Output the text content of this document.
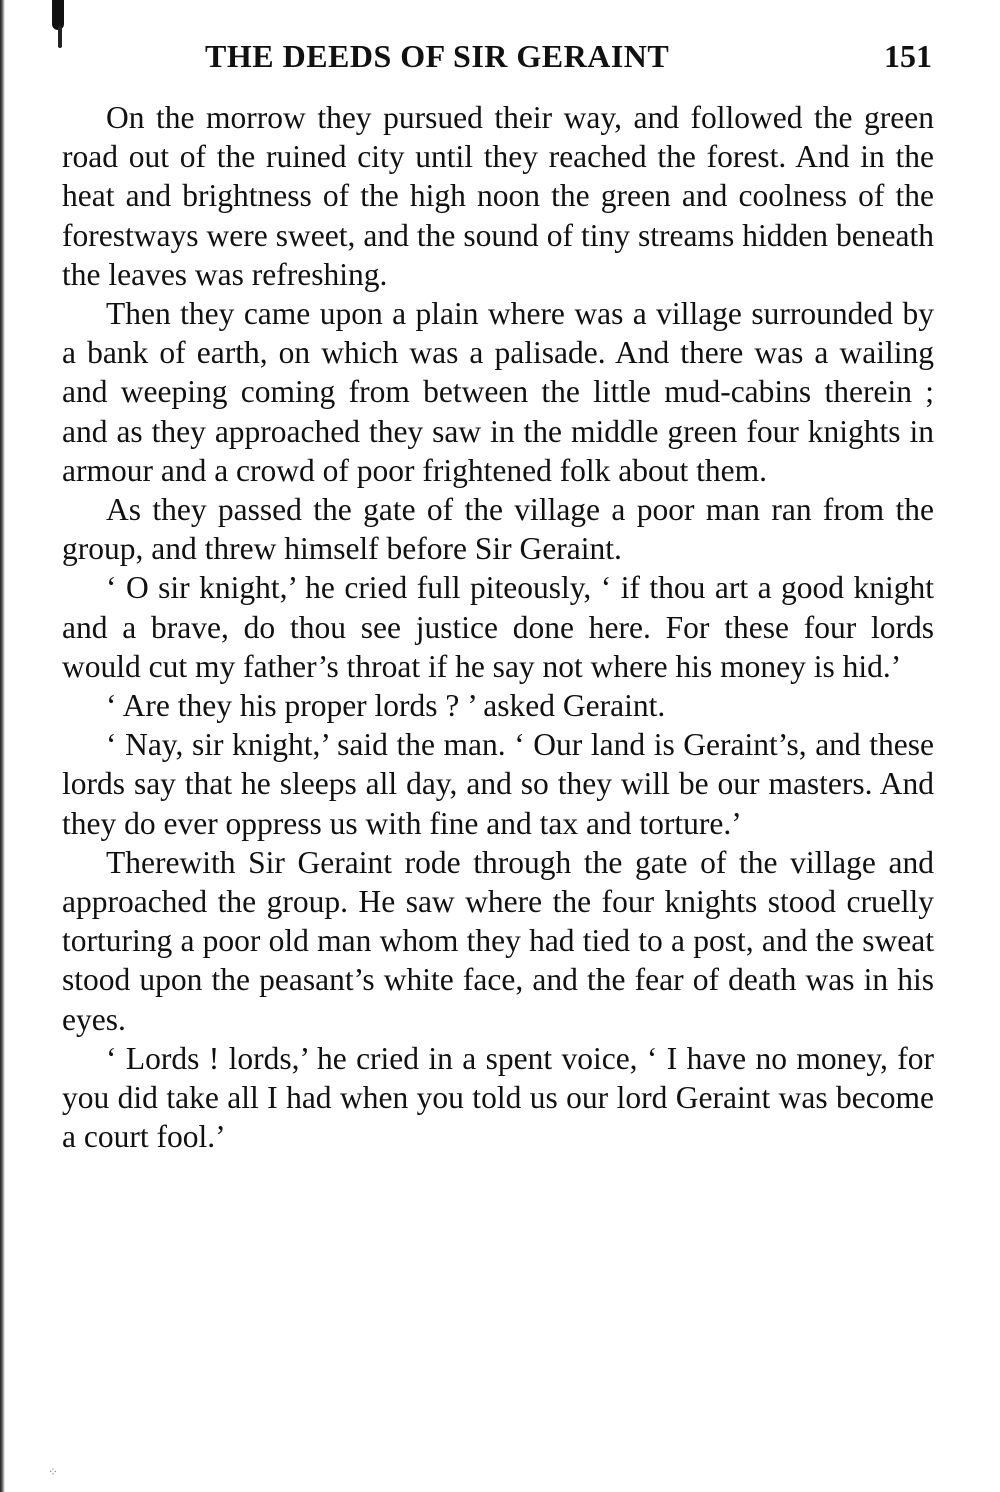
THE DEEDS OF SIR GERAINT	151

On the morrow they pursued their way, and followed the green road out of the ruined city until they reached the forest. And in the heat and brightness of the high noon the green and coolness of the forestways were sweet, and the sound of tiny streams hidden beneath the leaves was refreshing.

Then they came upon a plain where was a village surrounded by a bank of earth, on which was a palisade. And there was a wailing and weeping coming from between the little mud-cabins therein ; and as they approached they saw in the middle green four knights in armour and a crowd of poor frightened folk about them.

As they passed the gate of the village a poor man ran from the group, and threw himself before Sir Geraint.

‘ O sir knight,’ he cried full piteously, ‘ if thou art a good knight and a brave, do thou see justice done here. For these four lords would cut my father’s throat if he say not where his money is hid.’

‘ Are they his proper lords ? ’ asked Geraint.

‘ Nay, sir knight,’ said the man. ‘ Our land is Geraint’s, and these lords say that he sleeps all day, and so they will be our masters. And they do ever oppress us with fine and tax and torture.’

Therewith Sir Geraint rode through the gate of the village and approached the group. He saw where the four knights stood cruelly torturing a poor old man whom they had tied to a post, and the sweat stood upon the peasant’s white face, and the fear of death was in his eyes.

‘ Lords ! lords,’ he cried in a spent voice, ‘ I have no money, for you did take all I had when you told us our lord Geraint was become a court fool.’

⁘
